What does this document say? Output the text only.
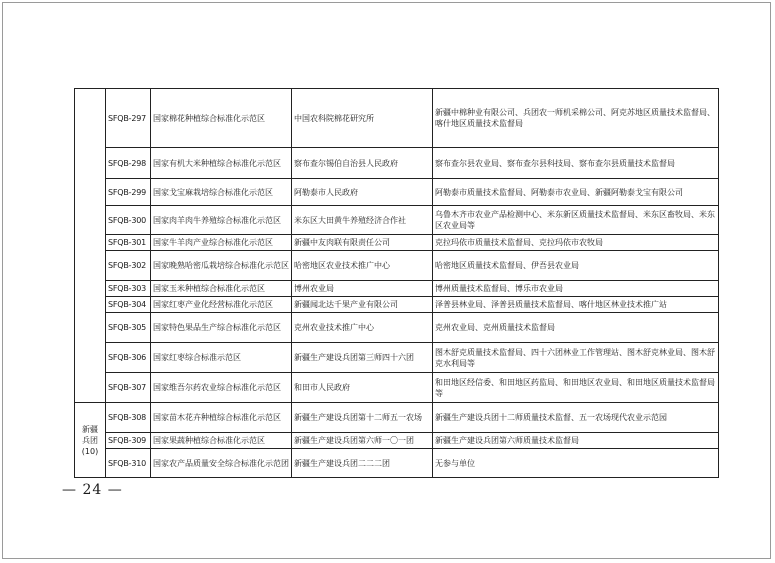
	SFQB-297	国家棉花种植综合标准化示范区	中国农科院棉花研究所	新疆中棉种业有限公司、兵团农一师机采棉公司、阿克苏地区质量技术监督局、喀什地区质量技术监督局
	SFQB-298	国家有机大米种植综合标准化示范区	察布查尔锡伯自治县人民政府	察布查尔县农业局、察布查尔县科技局、察布查尔县质量技术监督局
	SFQB-299	国家戈宝麻栽培综合标准化示范区	阿勒泰市人民政府	阿勒泰市质量技术监督局、阿勒泰市农业局、新疆阿勒泰戈宝有限公司
	SFQB-300	国家肉羊肉牛养殖综合标准化示范区	米东区大田黄牛养殖经济合作社	乌鲁木齐市农业产品检测中心、米东新区质量技术监督局、米东区畜牧局、米东区农业局等
	SFQB-301	国家牛羊肉产业综合标准化示范区	新疆中友肉联有限责任公司	克拉玛依市质量技术监督局、克拉玛依市农牧局
	SFQB-302	国家晚熟哈密瓜栽培综合标准化示范区	哈密地区农业技术推广中心	哈密地区质量技术监督局、伊吾县农业局
	SFQB-303	国家玉米种植综合标准化示范区	博州农业局	博州质量技术监督局、博乐市农业局
	SFQB-304	国家红枣产业化经营标准化示范区	新疆闻北达千果产业有限公司	泽普县林业局、泽普县质量技术监督局、喀什地区林业技术推广站
	SFQB-305	国家特色果品生产综合标准化示范区	克州农业技术推广中心	克州农业局、克州质量技术监督局
	SFQB-306	国家红枣综合标准示范区	新疆生产建设兵团第三师四十六团	图木舒克质量技术监督局、四十六团林业工作管理站、图木舒克林业局、图木舒克水利局等
	SFQB-307	国家维吾尔药农业综合标准化示范区	和田市人民政府	和田地区经信委、和田地区药监局、和田地区农业局、和田地区质量技术监督局等

新疆
兵团
(10)	SFQB-308	国家苗木花卉种植综合标准化示范区	新疆生产建设兵团第十二师五一农场	新疆生产建设兵团十二师质量技术监督、五一农场现代农业示范园
	SFQB-309	国家果蔬种植综合标准化示范区	新疆生产建设兵团第六师一〇一团	新疆生产建设兵团第六师质量技术监督局
	SFQB-310	国家农产品质量安全综合标准化示范团	新疆生产建设兵团二二二团	无参与单位
— 24 —
